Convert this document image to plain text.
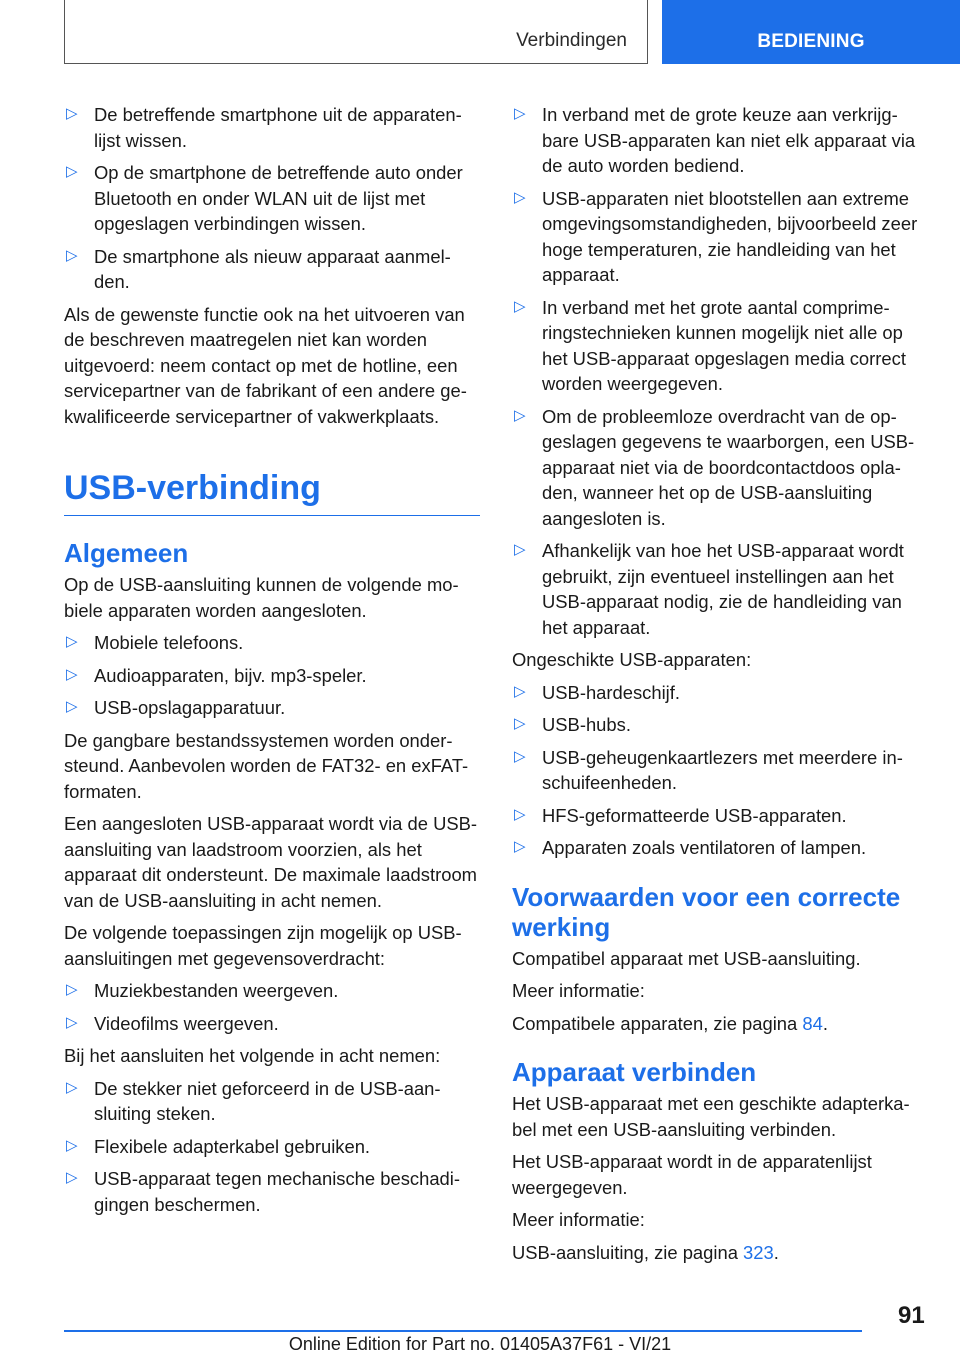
Verbindingen	BEDIENING
▷ De betreffende smartphone uit de apparatenlijst wissen.
▷ Op de smartphone de betreffende auto onder Bluetooth en onder WLAN uit de lijst met opgeslagen verbindingen wissen.
▷ De smartphone als nieuw apparaat aanmelden.

Als de gewenste functie ook na het uitvoeren van de beschreven maatregelen niet kan worden uitgevoerd: neem contact op met de hotline, een servicepartner van de fabrikant of een andere gekwalificeerde servicepartner of vakwerkplaats.

USB-verbinding
Algemeen

Op de USB-aansluiting kunnen de volgende mobiele apparaten worden aangesloten.

▷ Mobiele telefoons.
▷ Audioapparaten, bijv. mp3-speler.
▷ USB-opslagapparatuur.

De gangbare bestandssystemen worden ondersteund. Aanbevolen worden de FAT32- en exFAT-formaten.

Een aangesloten USB-apparaat wordt via de USB-aansluiting van laadstroom voorzien, als het apparaat dit ondersteunt. De maximale laadstroom van de USB-aansluiting in acht nemen.

De volgende toepassingen zijn mogelijk op USB-aansluitingen met gegevensoverdracht:

▷ Muziekbestanden weergeven.
▷ Videofilms weergeven.

Bij het aansluiten het volgende in acht nemen:

▷ De stekker niet geforceerd in de USB-aansluiting steken.
▷ Flexibele adapterkabel gebruiken.
▷ USB-apparaat tegen mechanische beschadigingen beschermen.
▷ In verband met de grote keuze aan verkrijgbare USB-apparaten kan niet elk apparaat via de auto worden bediend.
▷ USB-apparaten niet blootstellen aan extreme omgevingsomstandigheden, bijvoorbeeld zeer hoge temperaturen, zie handleiding van het apparaat.
▷ In verband met het grote aantal comprimeringstechnieken kunnen mogelijk niet alle op het USB-apparaat opgeslagen media correct worden weergegeven.
▷ Om de probleemloze overdracht van de opgeslagen gegevens te waarborgen, een USB-apparaat niet via de boordcontactdoos opladen, wanneer het op de USB-aansluiting aangesloten is.
▷ Afhankelijk van hoe het USB-apparaat wordt gebruikt, zijn eventueel instellingen aan het USB-apparaat nodig, zie de handleiding van het apparaat.

Ongeschikte USB-apparaten:

▷ USB-hardeschijf.
▷ USB-hubs.
▷ USB-geheugenkaartlezers met meerdere inschuifeenheden.
▷ HFS-geformatteerde USB-apparaten.
▷ Apparaten zoals ventilatoren of lampen.
Voorwaarden voor een correcte werking

Compatibel apparaat met USB-aansluiting.

Meer informatie:

Compatibele apparaten, zie pagina 84.

Apparaat verbinden

Het USB-apparaat met een geschikte adapterkabel met een USB-aansluiting verbinden.

Het USB-apparaat wordt in de apparatenlijst weergegeven.

Meer informatie:

USB-aansluiting, zie pagina 323.

91
Online Edition for Part no. 01405A37F61 - VI/21
